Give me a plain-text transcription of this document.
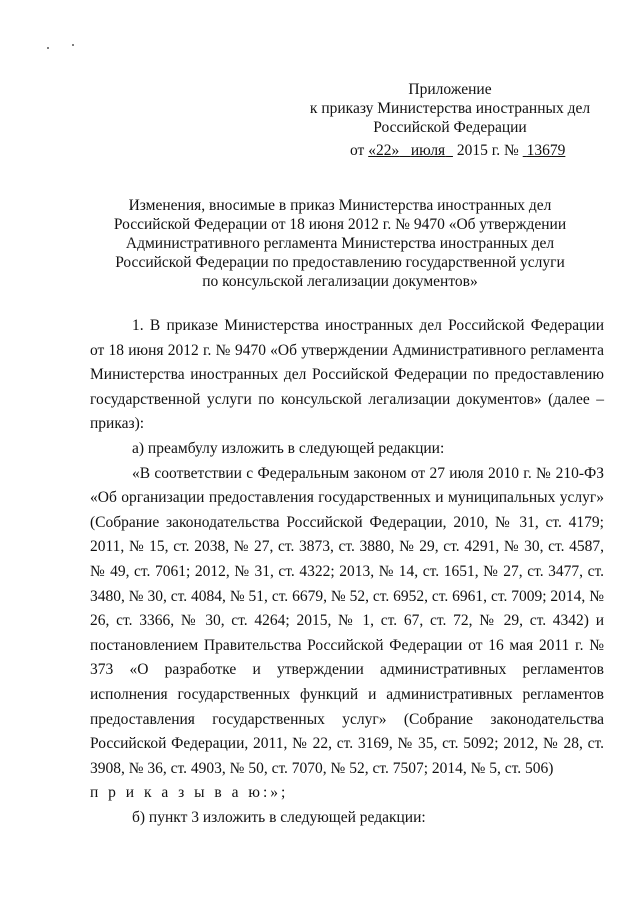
Приложение
к приказу Министерства иностранных дел
Российской Федерации
от «22» июля 2015 г. № 13679
Изменения, вносимые в приказ Министерства иностранных дел
Российской Федерации от 18 июня 2012 г. № 9470 «Об утверждении
Административного регламента Министерства иностранных дел
Российской Федерации по предоставлению государственной услуги
по консульской легализации документов»

1. В приказе Министерства иностранных дел Российской Федерации от 18 июня 2012 г. № 9470 «Об утверждении Административного регламента Министерства иностранных дел Российской Федерации по предоставлению государственной услуги по консульской легализации документов» (далее – приказ):

а) преамбулу изложить в следующей редакции:

«В соответствии с Федеральным законом от 27 июля 2010 г. № 210-ФЗ «Об организации предоставления государственных и муниципальных услуг» (Собрание законодательства Российской Федерации, 2010, № 31, ст. 4179; 2011, № 15, ст. 2038, № 27, ст. 3873, ст. 3880, № 29, ст. 4291, № 30, ст. 4587, № 49, ст. 7061; 2012, № 31, ст. 4322; 2013, № 14, ст. 1651, № 27, ст. 3477, ст. 3480, № 30, ст. 4084, № 51, ст. 6679, № 52, ст. 6952, ст. 6961, ст. 7009; 2014, № 26, ст. 3366, № 30, ст. 4264; 2015, № 1, ст. 67, ст. 72, № 29, ст. 4342) и постановлением Правительства Российской Федерации от 16 мая 2011 г. № 373 «О разработке и утверждении административных регламентов исполнения государственных функций и административных регламентов предоставления государственных услуг» (Собрание законодательства Российской Федерации, 2011, № 22, ст. 3169, № 35, ст. 5092; 2012, № 28, ст. 3908, № 36, ст. 4903, № 50, ст. 7070, № 52, ст. 7507; 2014, № 5, ст. 506)

п р и к а з ы в а ю:»;

б) пункт 3 изложить в следующей редакции:
